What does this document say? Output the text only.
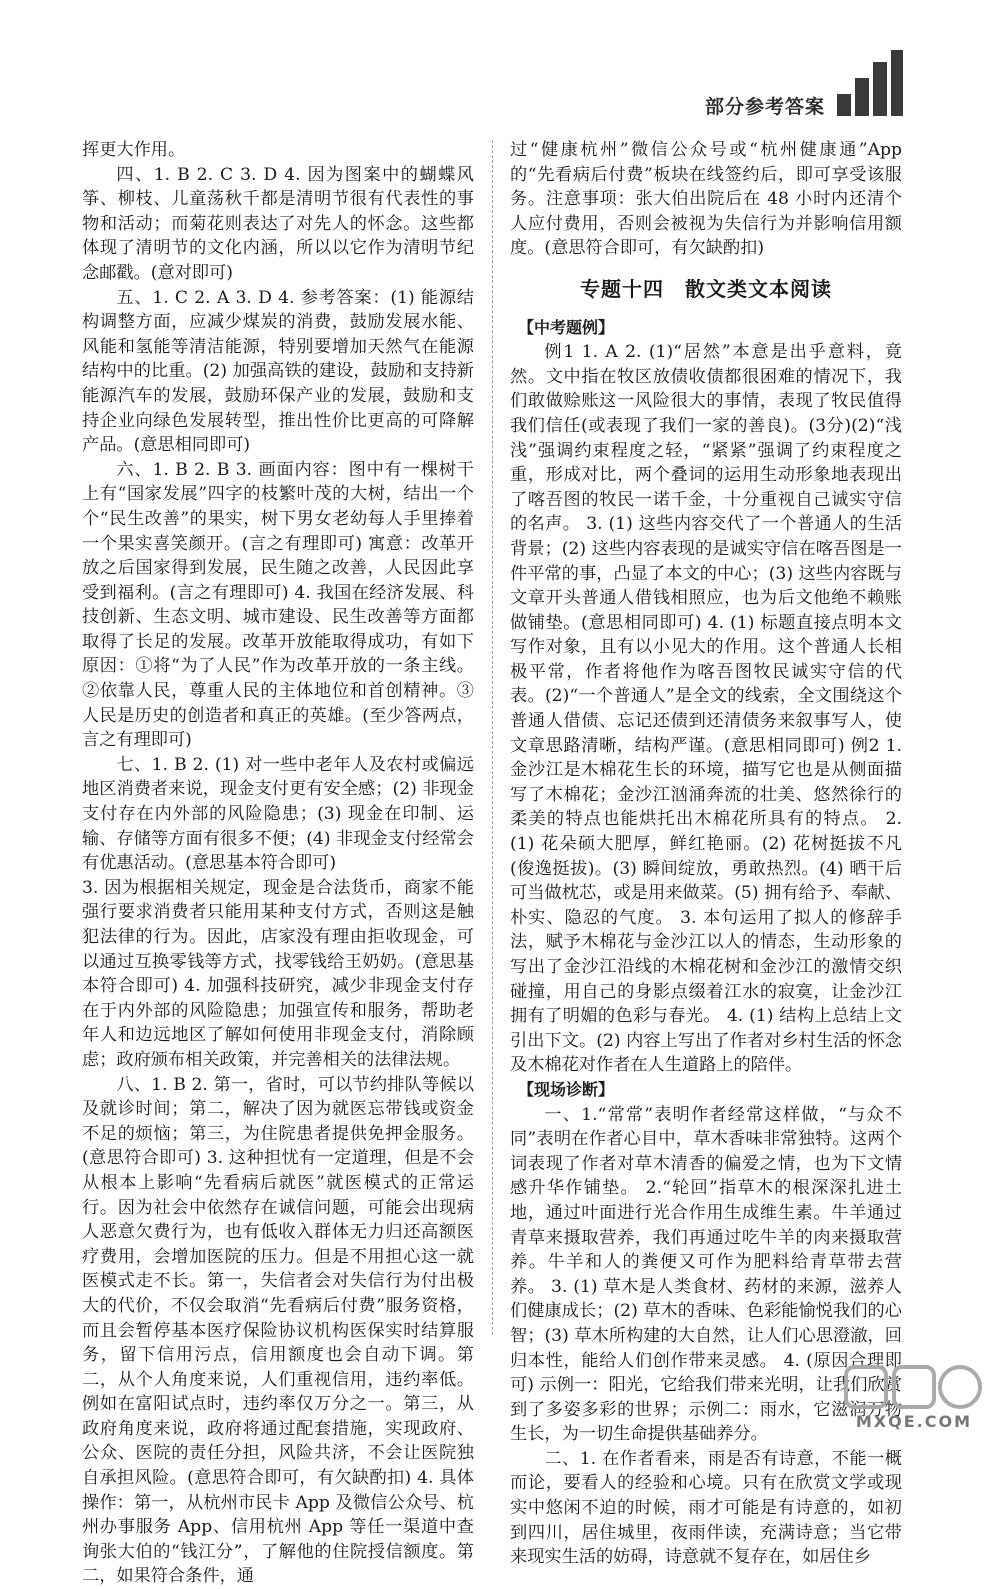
部分参考答案

挥更大作用。

四、1. B 2. C 3. D 4. 因为图案中的蝴蝶风筝、柳枝、儿童荡秋千都是清明节很有代表性的事物和活动；而菊花则表达了对先人的怀念。这些都体现了清明节的文化内涵，所以以它作为清明节纪念邮戳。(意对即可)

五、1. C 2. A 3. D 4. 参考答案：(1) 能源结构调整方面，应减少煤炭的消费，鼓励发展水能、风能和氢能等清洁能源，特别要增加天然气在能源结构中的比重。(2) 加强高铁的建设，鼓励和支持新能源汽车的发展，鼓励环保产业的发展，鼓励和支持企业向绿色发展转型，推出性价比更高的可降解产品。(意思相同即可)

六、1. B 2. B 3. 画面内容：图中有一棵树干上有“国家发展”四字的枝繁叶茂的大树，结出一个个“民生改善”的果实，树下男女老幼每人手里捧着一个果实喜笑颜开。(言之有理即可) 寓意：改革开放之后国家得到发展，民生随之改善，人民因此享受到福利。(言之有理即可) 4. 我国在经济发展、科技创新、生态文明、城市建设、民生改善等方面都取得了长足的发展。改革开放能取得成功，有如下原因：①将“为了人民”作为改革开放的一条主线。②依靠人民，尊重人民的主体地位和首创精神。③人民是历史的创造者和真正的英雄。(至少答两点，言之有理即可)

七、1. B 2. (1) 对一些中老年人及农村或偏远地区消费者来说，现金支付更有安全感；(2) 非现金支付存在内外部的风险隐患；(3) 现金在印制、运输、存储等方面有很多不便；(4) 非现金支付经常会有优惠活动。(意思基本符合即可)

3. 因为根据相关规定，现金是合法货币，商家不能强行要求消费者只能用某种支付方式，否则这是触犯法律的行为。因此，店家没有理由拒收现金，可以通过互换零钱等方式，找零钱给王奶奶。(意思基本符合即可) 4. 加强科技研究，减少非现金支付存在于内外部的风险隐患；加强宣传和服务，帮助老年人和边远地区了解如何使用非现金支付，消除顾虑；政府颁布相关政策，并完善相关的法律法规。

八、1. B 2. 第一，省时，可以节约排队等候以及就诊时间；第二，解决了因为就医忘带钱或资金不足的烦恼；第三，为住院患者提供免押金服务。(意思符合即可) 3. 这种担忧有一定道理，但是不会从根本上影响“先看病后就医”就医模式的正常运行。因为社会中依然存在诚信问题，可能会出现病人恶意欠费行为，也有低收入群体无力归还高额医疗费用，会增加医院的压力。但是不用担心这一就医模式走不长。第一，失信者会对失信行为付出极大的代价，不仅会取消“先看病后付费”服务资格，而且会暂停基本医疗保险协议机构医保实时结算服务，留下信用污点，信用额度也会自动下调。第二，从个人角度来说，人们重视信用，违约率低。例如在富阳试点时，违约率仅万分之一。第三，从政府角度来说，政府将通过配套措施，实现政府、公众、医院的责任分担，风险共济，不会让医院独自承担风险。(意思符合即可，有欠缺酌扣) 4. 具体操作：第一，从杭州市民卡 App 及微信公众号、杭州办事服务 App、信用杭州 App 等任一渠道中查询张大伯的“钱江分”，了解他的住院授信额度。第二，如果符合条件，通

过“健康杭州”微信公众号或“杭州健康通”App 的“先看病后付费”板块在线签约后，即可享受该服务。注意事项：张大伯出院后在 48 小时内还清个人应付费用，否则会被视为失信行为并影响信用额度。(意思符合即可，有欠缺酌扣)

专题十四　散文类文本阅读
【中考题例】

例1 1. A 2. (1)“居然”本意是出乎意料，竟然。文中指在牧区放债收债都很困难的情况下，我们敢做赊账这一风险很大的事情，表现了牧民值得我们信任(或表现了我们一家的善良)。(3分)(2)“浅浅”强调约束程度之轻，“紧紧”强调了约束程度之重，形成对比，两个叠词的运用生动形象地表现出了喀吾图的牧民一诺千金，十分重视自己诚实守信的名声。 3. (1) 这些内容交代了一个普通人的生活背景；(2) 这些内容表现的是诚实守信在喀吾图是一件平常的事，凸显了本文的中心；(3) 这些内容既与文章开头普通人借钱相照应，也为后文他绝不赖账做铺垫。(意思相同即可) 4. (1) 标题直接点明本文写作对象，且有以小见大的作用。这个普通人长相极平常，作者将他作为喀吾图牧民诚实守信的代表。(2)“一个普通人”是全文的线索，全文围绕这个普通人借债、忘记还债到还清债务来叙事写人，使文章思路清晰，结构严谨。(意思相同即可) 例2 1. 金沙江是木棉花生长的环境，描写它也是从侧面描写了木棉花；金沙江汹涌奔流的壮美、悠然徐行的柔美的特点也能烘托出木棉花所具有的特点。 2. (1) 花朵硕大肥厚，鲜红艳丽。(2) 花树挺拔不凡(俊逸挺拔)。(3) 瞬间绽放，勇敢热烈。(4) 晒干后可当做枕芯，或是用来做菜。(5) 拥有给予、奉献、朴实、隐忍的气度。 3. 本句运用了拟人的修辞手法，赋予木棉花与金沙江以人的情态，生动形象的写出了金沙江沿线的木棉花树和金沙江的激情交织碰撞，用自己的身影点缀着江水的寂寞，让金沙江拥有了明媚的色彩与春光。 4. (1) 结构上总结上文引出下文。(2) 内容上写出了作者对乡村生活的怀念及木棉花对作者在人生道路上的陪伴。

【现场诊断】

一、1.“常常”表明作者经常这样做，“与众不同”表明在作者心目中，草木香味非常独特。这两个词表现了作者对草木清香的偏爱之情，也为下文情感升华作铺垫。 2.“轮回”指草木的根深深扎进土地，通过叶面进行光合作用生成维生素。牛羊通过青草来摄取营养，我们再通过吃牛羊的肉来摄取营养。牛羊和人的粪便又可作为肥料给青草带去营养。 3. (1) 草木是人类食材、药材的来源，滋养人们健康成长；(2) 草木的香味、色彩能愉悦我们的心智；(3) 草木所构建的大自然，让人们心思澄澈，回归本性，能给人们创作带来灵感。 4. (原因合理即可) 示例一：阳光，它给我们带来光明，让我们欣赏到了多姿多彩的世界；示例二：雨水，它滋润万物生长，为一切生命提供基础养分。

二、1. 在作者看来，雨是否有诗意，不能一概而论，要看人的经验和心境。只有在欣赏文学或现实中悠闲不迫的时候，雨才可能是有诗意的，如初到四川，居住城里，夜雨伴读，充满诗意；当它带来现实生活的妨碍，诗意就不复存在，如居住乡

MXQE.COM
